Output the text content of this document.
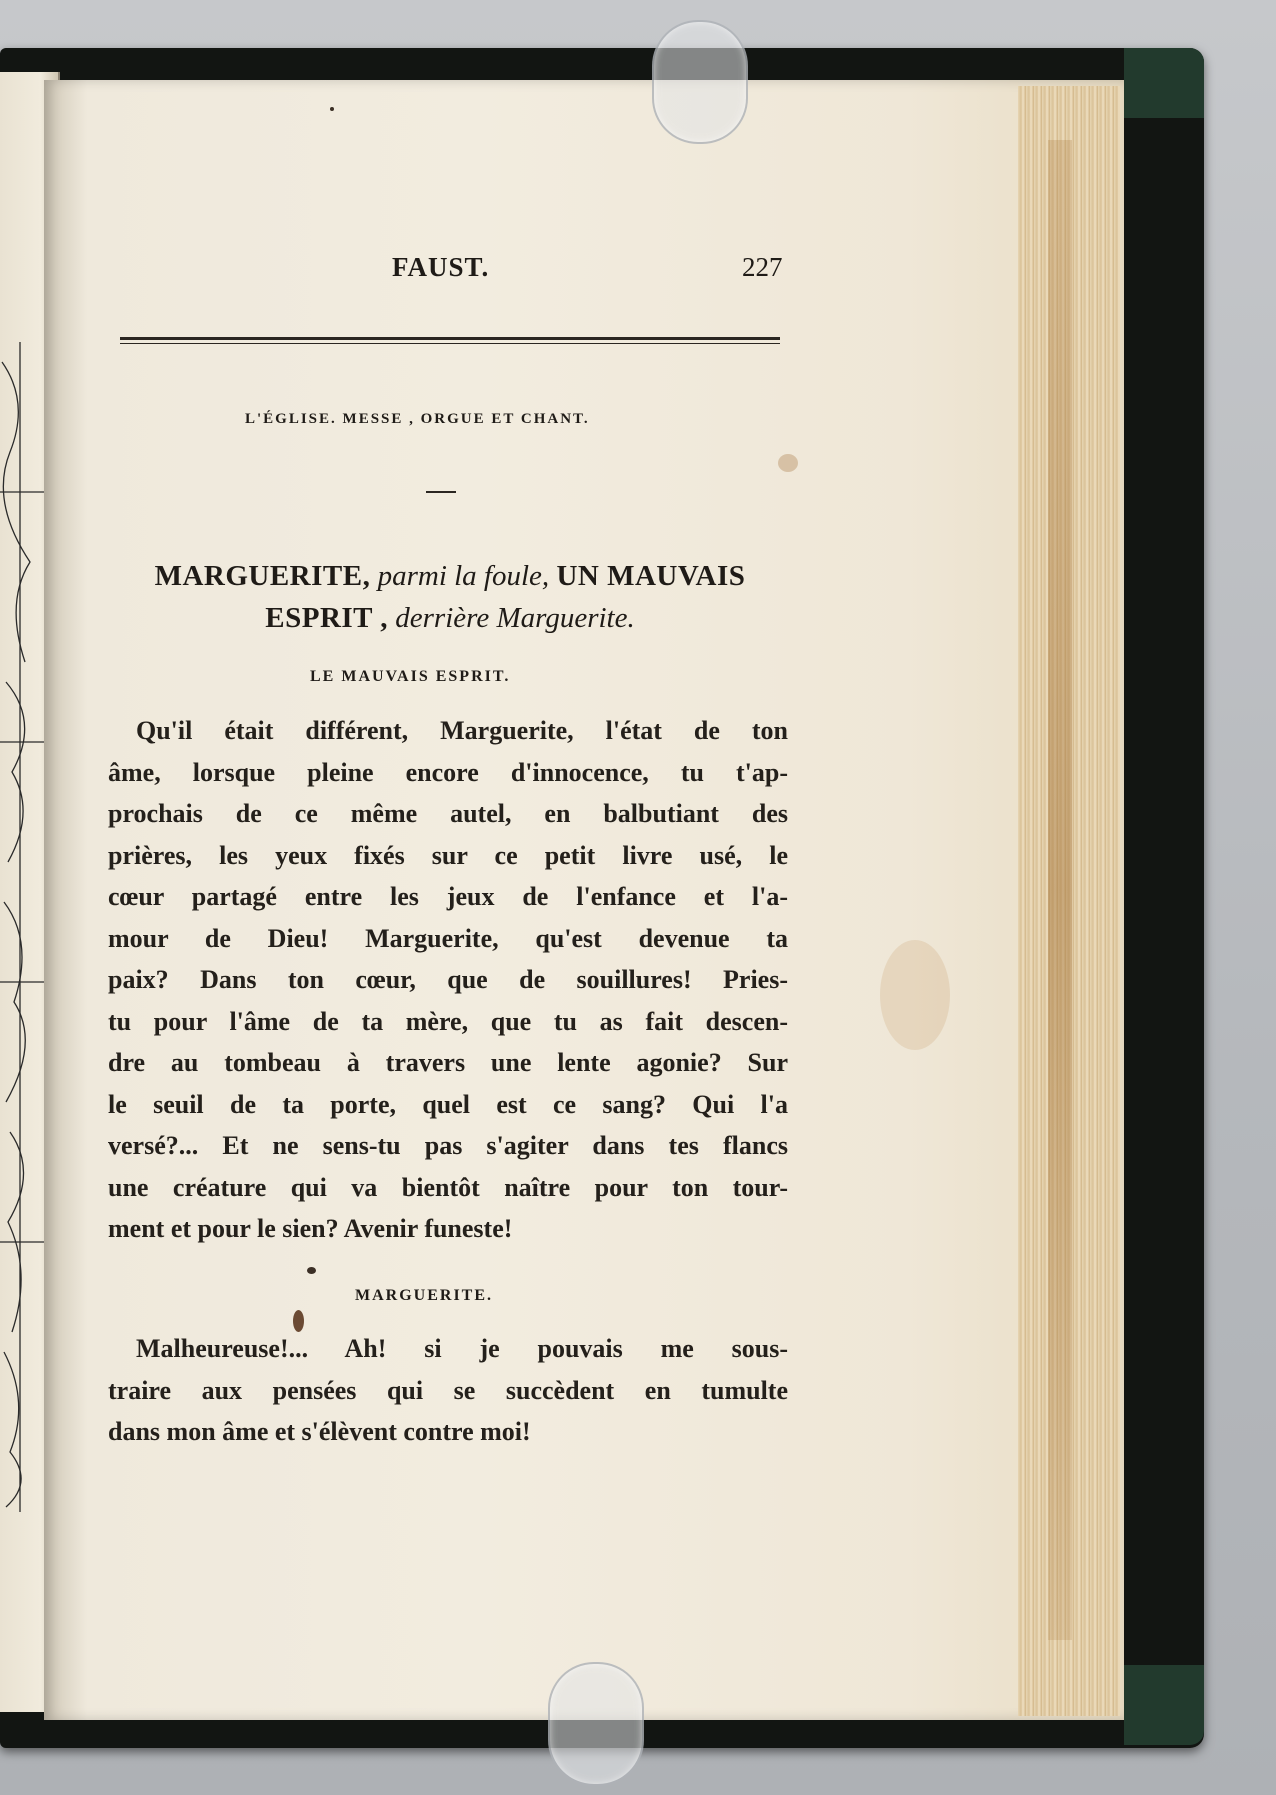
FAUST.	227
L'ÉGLISE. MESSE , ORGUE ET CHANT.
MARGUERITE, parmi la foule, UN MAUVAIS ESPRIT , derrière Marguerite.
LE MAUVAIS ESPRIT.
Qu'il était différent, Marguerite, l'état de ton
âme, lorsque pleine encore d'innocence, tu t'ap-
prochais de ce même autel, en balbutiant des
prières, les yeux fixés sur ce petit livre usé, le
cœur partagé entre les jeux de l'enfance et l'a-
mour de Dieu! Marguerite, qu'est devenue ta
paix? Dans ton cœur, que de souillures! Pries-
tu pour l'âme de ta mère, que tu as fait descen-
dre au tombeau à travers une lente agonie? Sur
le seuil de ta porte, quel est ce sang? Qui l'a
versé?... Et ne sens-tu pas s'agiter dans tes flancs
une créature qui va bientôt naître pour ton tour-
ment et pour le sien? Avenir funeste!
MARGUERITE.
Malheureuse!... Ah! si je pouvais me sous-
traire aux pensées qui se succèdent en tumulte
dans mon âme et s'élèvent contre moi!
